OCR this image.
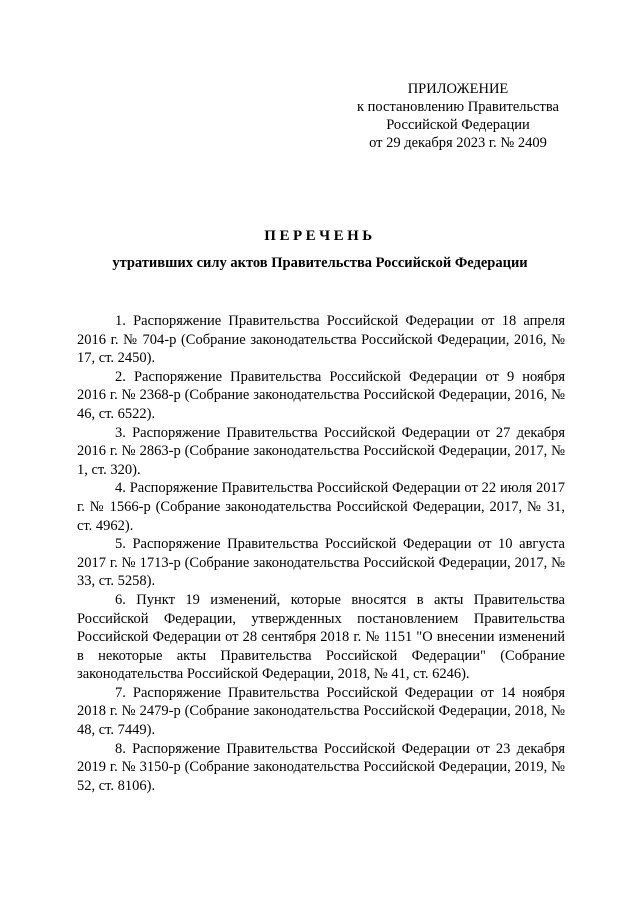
ПРИЛОЖЕНИЕ
к постановлению Правительства
Российской Федерации
от 29 декабря 2023 г. № 2409
ПЕРЕЧЕНЬ
утративших силу актов Правительства Российской Федерации

1. Распоряжение Правительства Российской Федерации от 18 апреля 2016 г. № 704-р (Собрание законодательства Российской Федерации, 2016, № 17, ст. 2450).

2. Распоряжение Правительства Российской Федерации от 9 ноября 2016 г. № 2368-р (Собрание законодательства Российской Федерации, 2016, № 46, ст. 6522).

3. Распоряжение Правительства Российской Федерации от 27 декабря 2016 г. № 2863-р (Собрание законодательства Российской Федерации, 2017, № 1, ст. 320).

4. Распоряжение Правительства Российской Федерации от 22 июля 2017 г. № 1566-р (Собрание законодательства Российской Федерации, 2017, № 31, ст. 4962).

5. Распоряжение Правительства Российской Федерации от 10 августа 2017 г. № 1713-р (Собрание законодательства Российской Федерации, 2017, № 33, ст. 5258).

6. Пункт 19 изменений, которые вносятся в акты Правительства Российской Федерации, утвержденных постановлением Правительства Российской Федерации от 28 сентября 2018 г. № 1151 "О внесении изменений в некоторые акты Правительства Российской Федерации" (Собрание законодательства Российской Федерации, 2018, № 41, ст. 6246).

7. Распоряжение Правительства Российской Федерации от 14 ноября 2018 г. № 2479-р (Собрание законодательства Российской Федерации, 2018, № 48, ст. 7449).

8. Распоряжение Правительства Российской Федерации от 23 декабря 2019 г. № 3150-р (Собрание законодательства Российской Федерации, 2019, № 52, ст. 8106).
